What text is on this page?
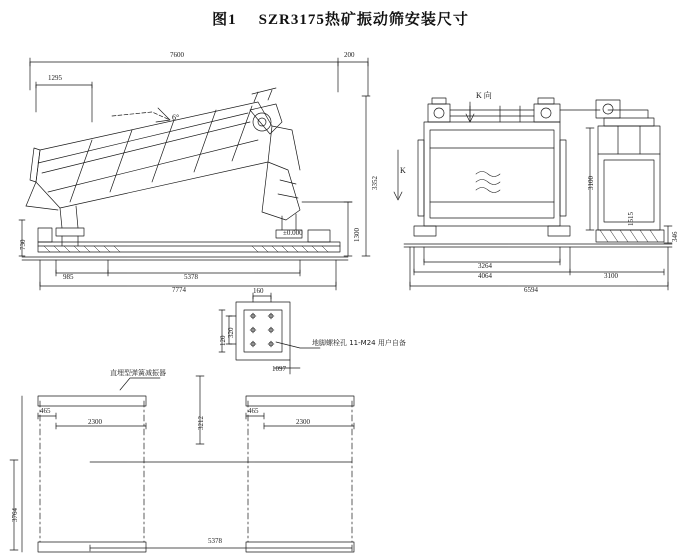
图1 SZR3175热矿振动筛安装尺寸
7600	200
1295
3352
1300
730
985	5378
7774
±0.000
6°
K 向
K
3100
346
3264
4064	3100
6594
1515
160
320
120
1097
地脚螺栓孔 11-M24 用户自备
直埋型弹簧减振器
465
2300
465
2300
3212
3764
5378
